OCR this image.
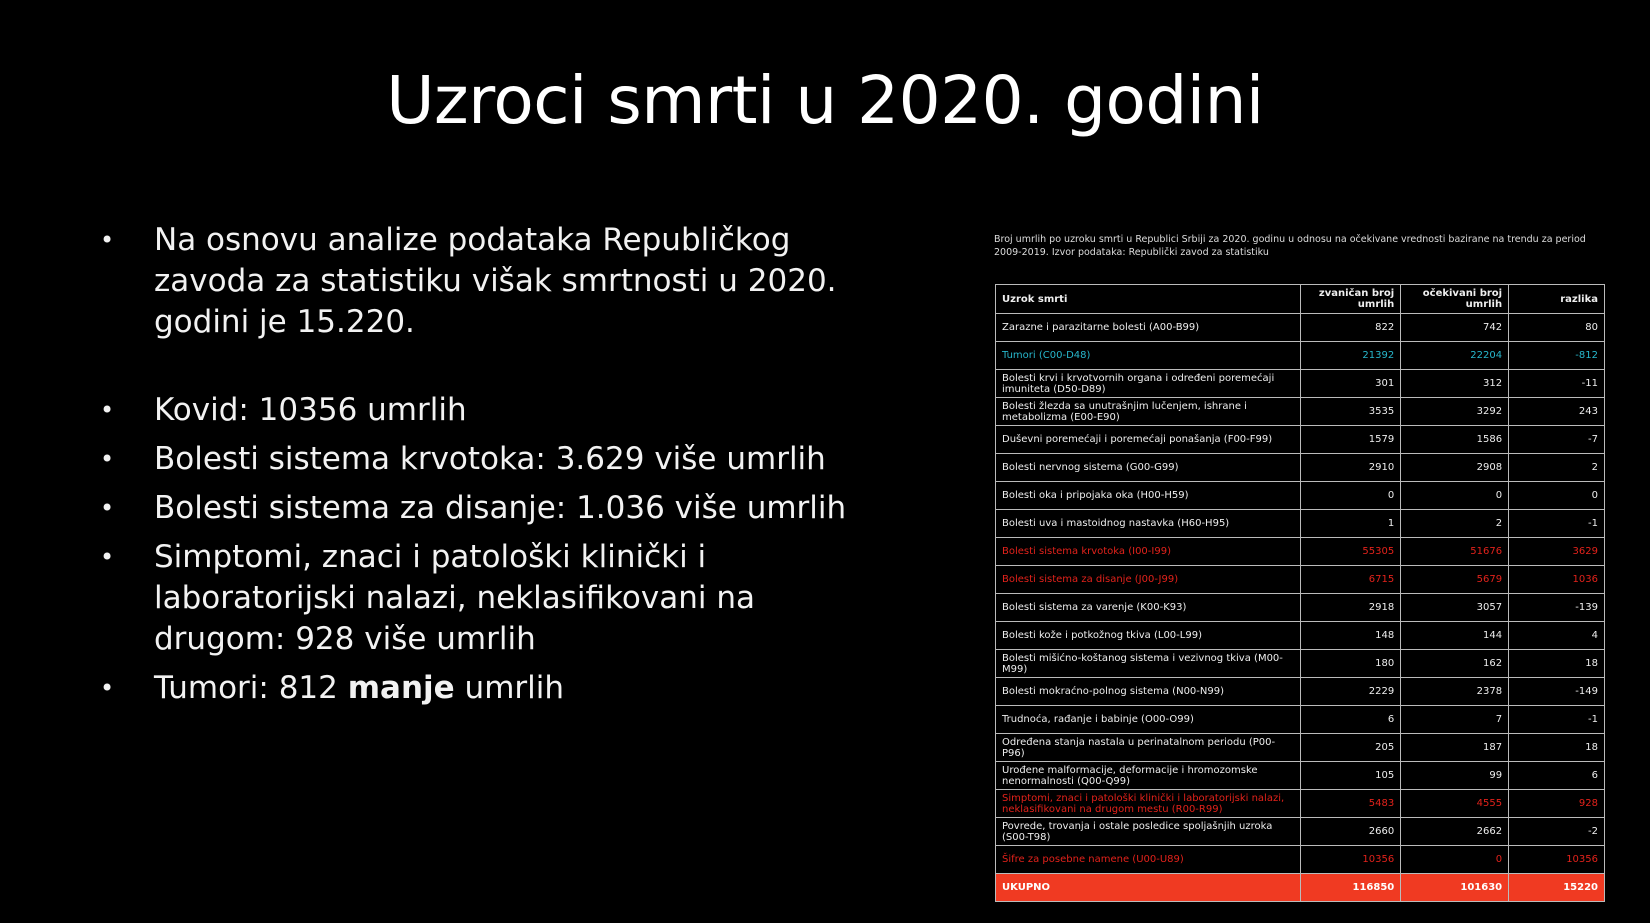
Uzroci smrti u 2020. godini
• Na osnovu analize podataka Republičkog zavoda za statistiku višak smrtnosti u 2020. godini je 15.220.
• Kovid: 10356 umrlih
• Bolesti sistema krvotoka: 3.629 više umrlih
• Bolesti sistema za disanje: 1.036 više umrlih
• Simptomi, znaci i patološki klinički i laboratorijski nalazi, neklasifikovani na drugom: 928 više umrlih
• Tumori: 812 manje umrlih
Broj umrlih po uzroku smrti u Republici Srbiji za 2020. godinu u odnosu na očekivane vrednosti bazirane na trendu za period 2009-2019. Izvor podataka: Republički zavod za statistiku
Uzrok smrti	zvaničan broj umrlih	očekivani broj umrlih	razlika
Zarazne i parazitarne bolesti (A00-B99)	822	742	80
Tumori (C00-D48)	21392	22204	-812
Bolesti krvi i krvotvornih organa i određeni poremećaji imuniteta (D50-D89)	301	312	-11
Bolesti žlezda sa unutrašnjim lučenjem, ishrane i metabolizma (E00-E90)	3535	3292	243
Duševni poremećaji i poremećaji ponašanja (F00-F99)	1579	1586	-7
Bolesti nervnog sistema (G00-G99)	2910	2908	2
Bolesti oka i pripojaka oka (H00-H59)	0	0	0
Bolesti uva i mastoidnog nastavka (H60-H95)	1	2	-1
Bolesti sistema krvotoka (I00-I99)	55305	51676	3629
Bolesti sistema za disanje (J00-J99)	6715	5679	1036
Bolesti sistema za varenje (K00-K93)	2918	3057	-139
Bolesti kože i potkožnog tkiva (L00-L99)	148	144	4
Bolesti mišićno-koštanog sistema i vezivnog tkiva (M00-M99)	180	162	18
Bolesti mokraćno-polnog sistema (N00-N99)	2229	2378	-149
Trudnoća, rađanje i babinje (O00-O99)	6	7	-1
Određena stanja nastala u perinatalnom periodu (P00-P96)	205	187	18
Urođene malformacije, deformacije i hromozomske nenormalnosti (Q00-Q99)	105	99	6
Simptomi, znaci i patološki klinički i laboratorijski nalazi, neklasifikovani na drugom mestu (R00-R99)	5483	4555	928
Povrede, trovanja i ostale posledice spoljašnjih uzroka (S00-T98)	2660	2662	-2
Šifre za posebne namene (U00-U89)	10356	0	10356
UKUPNO	116850	101630	15220
